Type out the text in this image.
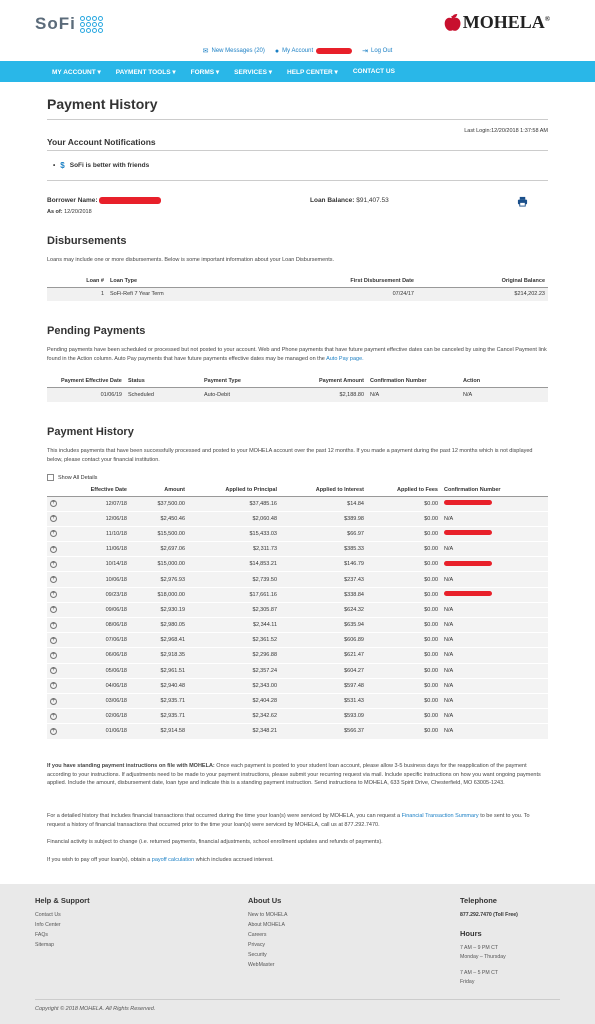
SoFi	🍎︎MOHELA®
✉ New Messages (20) ● My Account	⇥ Log Out
MY ACCOUNT ▾ PAYMENT TOOLS ▾ FORMS ▾ SERVICES ▾ HELP CENTER ▾ CONTACT US
Payment History
Last Login:12/20/2018 1:37:58 AM
Your Account Notifications
• $ SoFi is better with friends
Borrower Name:
As of: 12/20/2018
Loan Balance: $91,407.53
Disbursements
Loans may include one or more disbursements. Below is some important information about your Loan Disbursements.
Loan #	Loan Type	First Disbursement Date	Original Balance
1	SoFi-Refi 7 Year Term	07/24/17	$214,202.23
Pending Payments
Pending payments have been scheduled or processed but not posted to your account. Web and Phone payments that have future payment effective dates can be canceled by using the Cancel Payment link found in the Action column. Auto Pay payments that have future payments effective dates may be managed on the Auto Pay page.
Payment Effective Date	Status	Payment Type	Payment Amount	Confirmation Number	Action
01/06/19	Scheduled	Auto-Debit	$2,188.80	N/A	N/A
Payment History
This includes payments that have been successfully processed and posted to your MOHELA account over the past 12 months. If you made a payment during the past 12 months which is not displayed below, please contact your financial institution.
Show All Details
	Effective Date	Amount	Applied to Principal	Applied to Interest	Applied to Fees	Confirmation Number
+	12/07/18	$37,500.00	$37,485.16	$14.84	$0.00	
+	12/06/18	$2,450.46	$2,060.48	$389.98	$0.00	N/A
+	11/10/18	$15,500.00	$15,433.03	$66.97	$0.00	
+	11/06/18	$2,697.06	$2,311.73	$385.33	$0.00	N/A
+	10/14/18	$15,000.00	$14,853.21	$146.79	$0.00	
+	10/06/18	$2,976.93	$2,739.50	$237.43	$0.00	N/A
+	09/23/18	$18,000.00	$17,661.16	$338.84	$0.00	
+	09/06/18	$2,930.19	$2,305.87	$624.32	$0.00	N/A
+	08/06/18	$2,980.05	$2,344.11	$635.94	$0.00	N/A
+	07/06/18	$2,968.41	$2,361.52	$606.89	$0.00	N/A
+	06/06/18	$2,918.35	$2,296.88	$621.47	$0.00	N/A
+	05/06/18	$2,961.51	$2,357.24	$604.27	$0.00	N/A
+	04/06/18	$2,940.48	$2,343.00	$597.48	$0.00	N/A
+	03/06/18	$2,935.71	$2,404.28	$531.43	$0.00	N/A
+	02/06/18	$2,935.71	$2,342.62	$593.09	$0.00	N/A
+	01/06/18	$2,914.58	$2,348.21	$566.37	$0.00	N/A
If you have standing payment instructions on file with MOHELA: Once each payment is posted to your student loan account, please allow 3-5 business days for the reapplication of the payment according to your instructions. If adjustments need to be made to your payment instructions, please submit your recurring request via mail. Include specific instructions on how you want ongoing payments applied. Include the amount, disbursement date, loan type and indicate this is a standing payment instruction. Send instructions to MOHELA, 633 Spirit Drive, Chesterfield, MO 63005-1243.
For a detailed history that includes financial transactions that occurred during the time your loan(s) were serviced by MOHELA, you can request a Financial Transaction Summary to be sent to you. To request a history of financial transactions that occurred prior to the time your loan(s) were serviced by MOHELA, call us at 877.292.7470.
Financial activity is subject to change (i.e. returned payments, financial adjustments, school enrollment updates and refunds of payments).
If you wish to pay off your loan(s), obtain a payoff calculation which includes accrued interest.
Help & Support
Contact Us
Info Center
FAQs
Sitemap
About Us
New to MOHELA
About MOHELA
Careers
Privacy
Security
WebMaster
Telephone
877.292.7470 (Toll Free)
Hours
7 AM – 9 PM CT
Monday – Thursday
7 AM – 5 PM CT
Friday
Copyright © 2018 MOHELA. All Rights Reserved.
